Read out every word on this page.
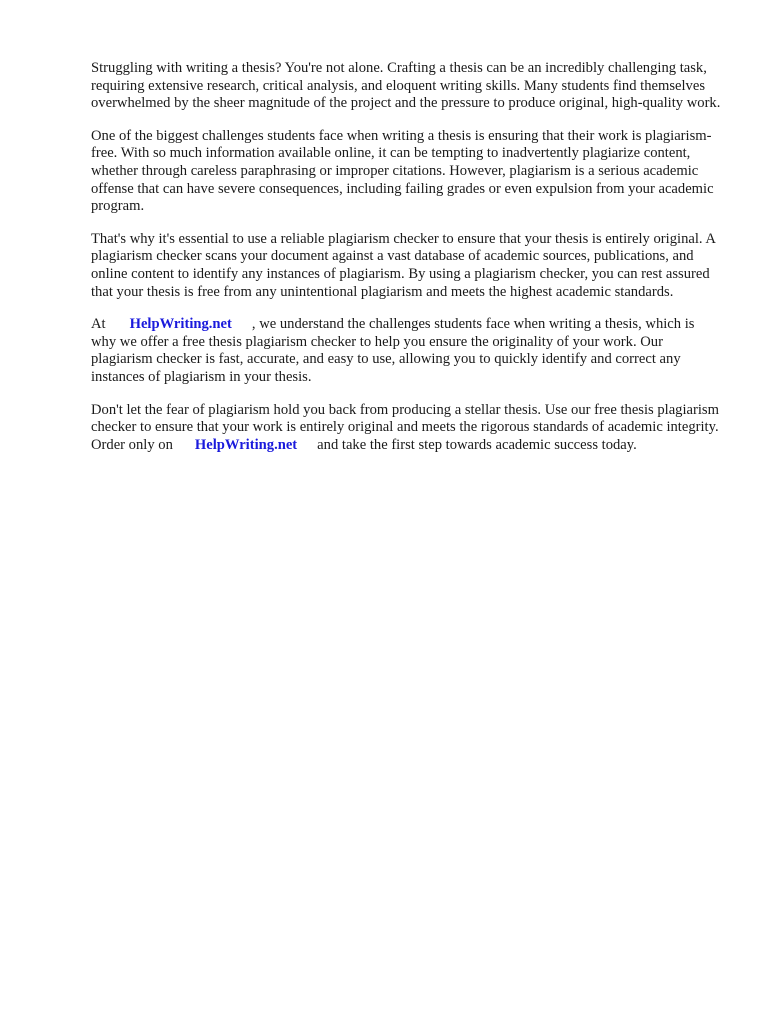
Struggling with writing a thesis? You're not alone. Crafting a thesis can be an incredibly challenging task, requiring extensive research, critical analysis, and eloquent writing skills. Many students find themselves overwhelmed by the sheer magnitude of the project and the pressure to produce original, high-quality work.

One of the biggest challenges students face when writing a thesis is ensuring that their work is plagiarism-free. With so much information available online, it can be tempting to inadvertently plagiarize content, whether through careless paraphrasing or improper citations. However, plagiarism is a serious academic offense that can have severe consequences, including failing grades or even expulsion from your academic program.

That's why it's essential to use a reliable plagiarism checker to ensure that your thesis is entirely original. A plagiarism checker scans your document against a vast database of academic sources, publications, and online content to identify any instances of plagiarism. By using a plagiarism checker, you can rest assured that your thesis is free from any unintentional plagiarism and meets the highest academic standards.

At HelpWriting.net , we understand the challenges students face when writing a thesis, which is why we offer a free thesis plagiarism checker to help you ensure the originality of your work. Our plagiarism checker is fast, accurate, and easy to use, allowing you to quickly identify and correct any instances of plagiarism in your thesis.

Don't let the fear of plagiarism hold you back from producing a stellar thesis. Use our free thesis plagiarism checker to ensure that your work is entirely original and meets the rigorous standards of academic integrity. Order only on HelpWriting.net and take the first step towards academic success today.
